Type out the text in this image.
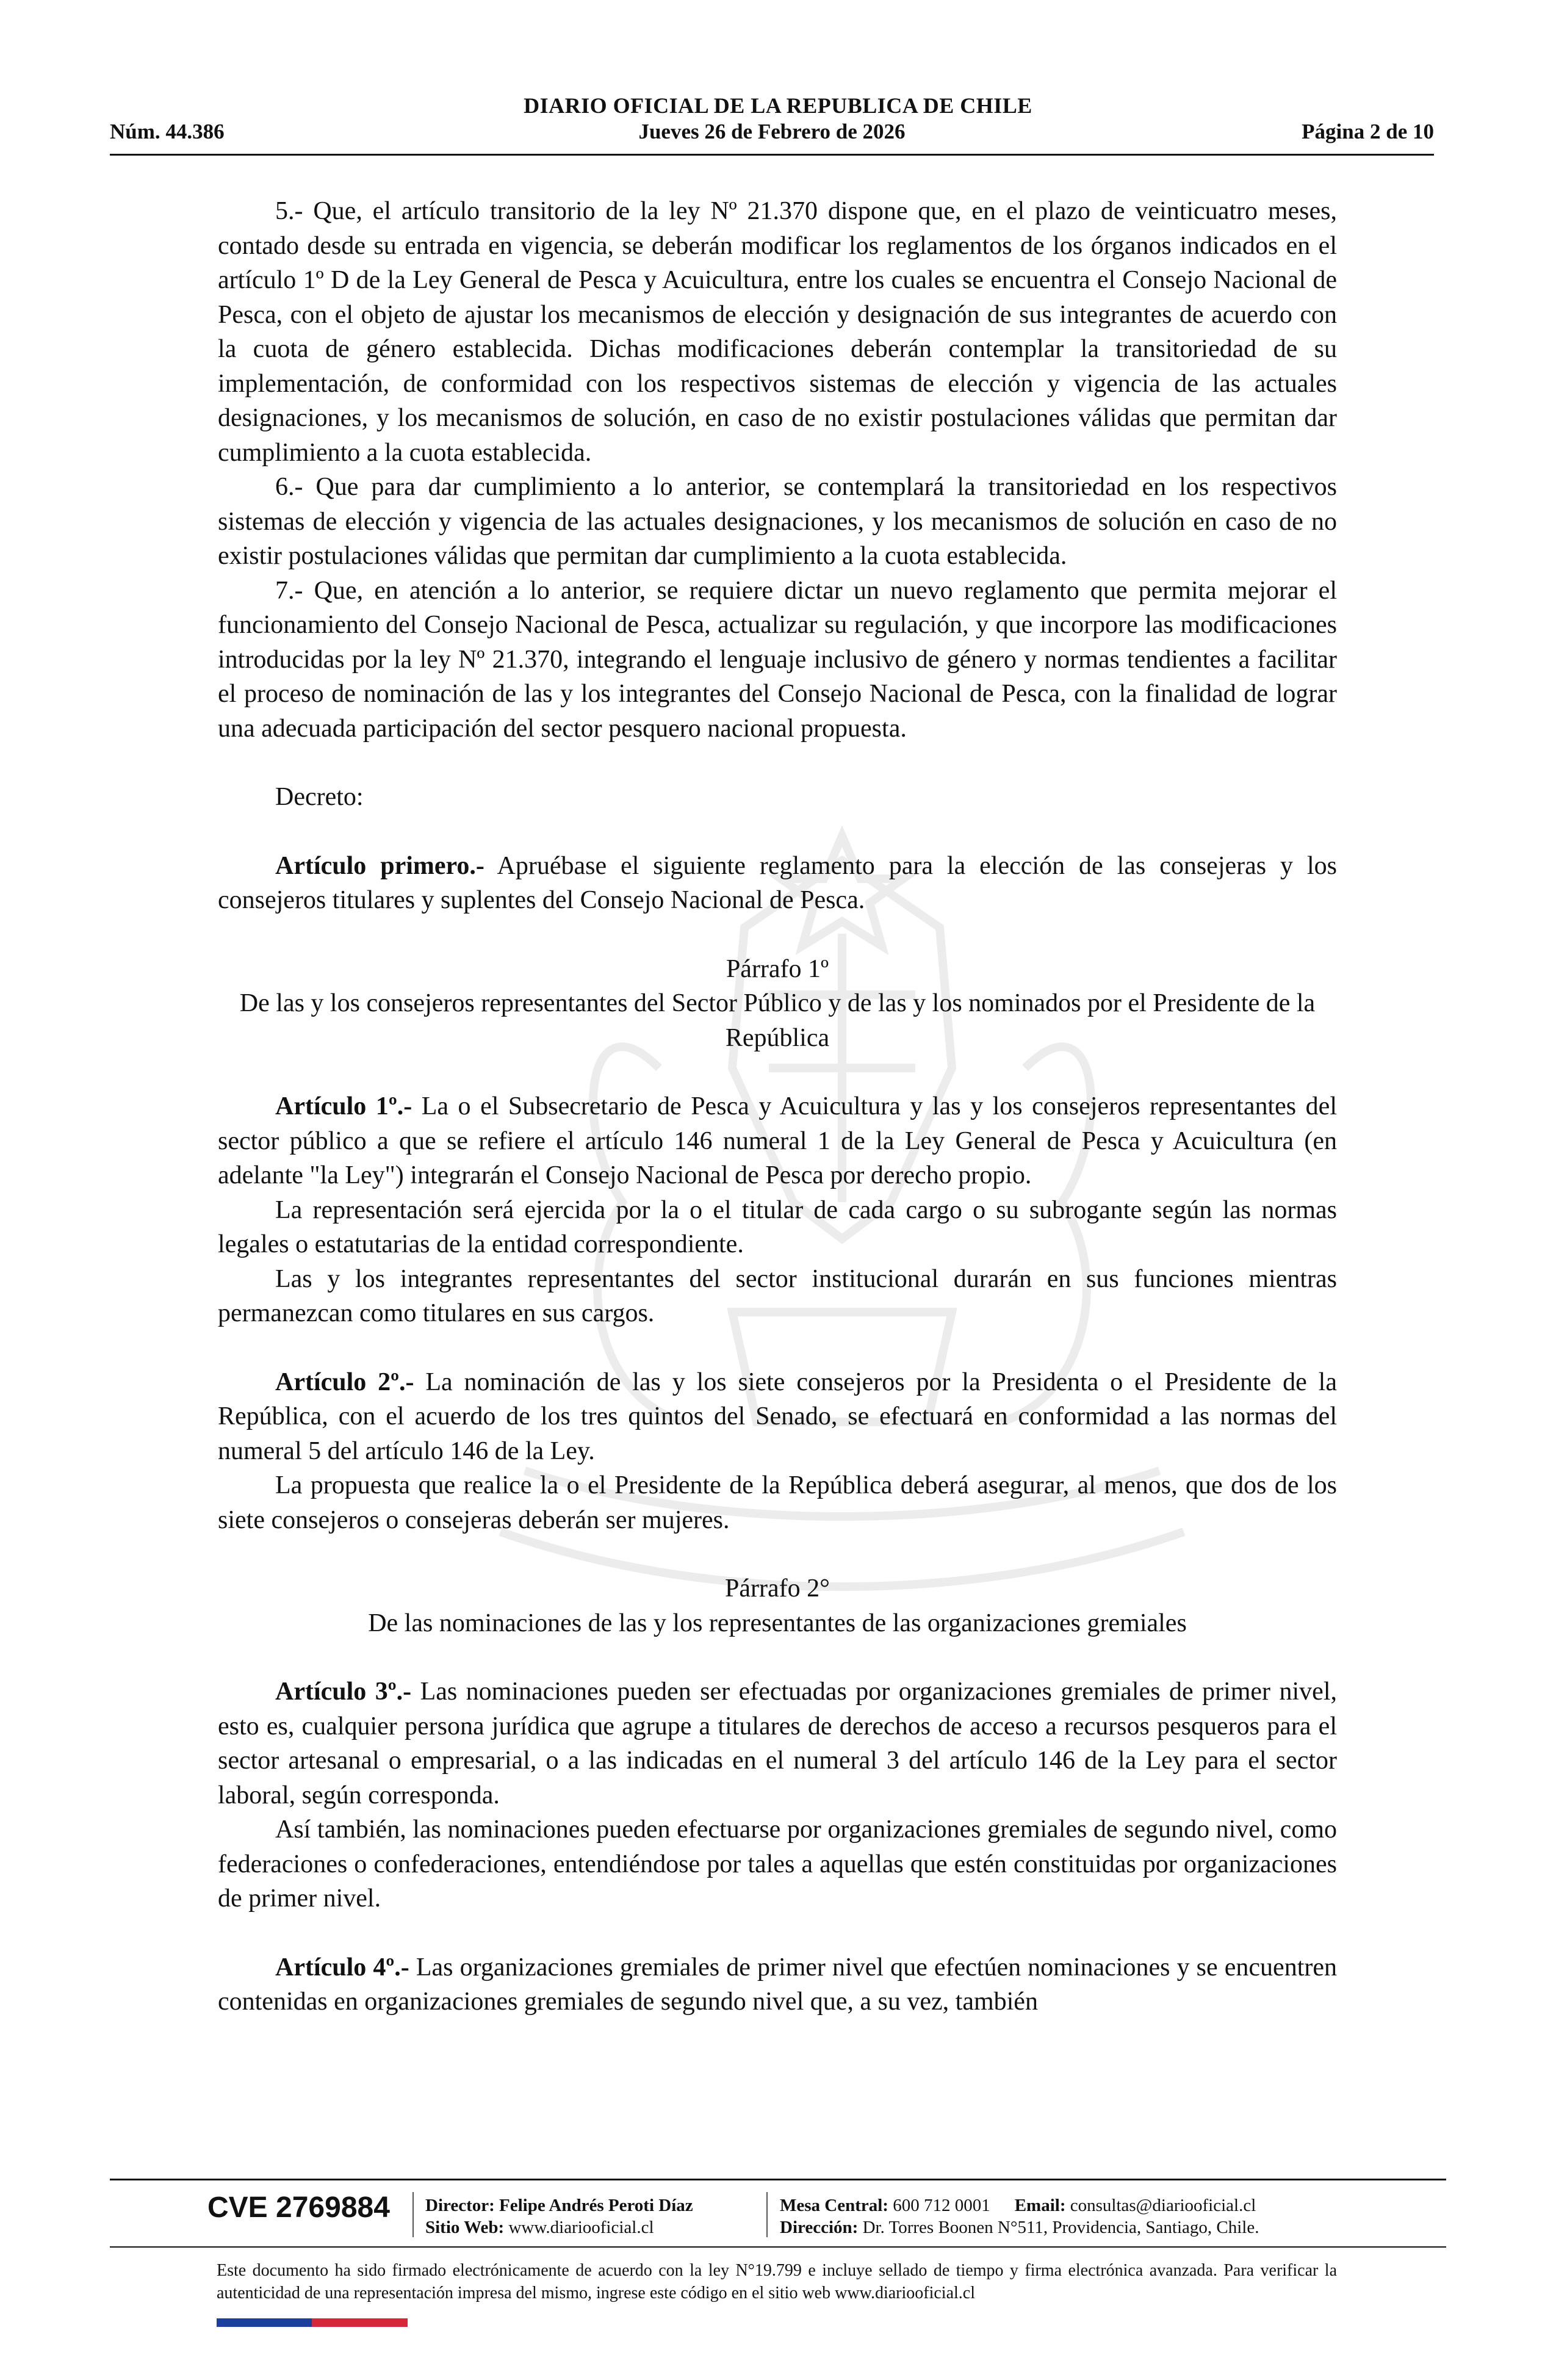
DIARIO OFICIAL DE LA REPUBLICA DE CHILE
Núm. 44.386	Jueves 26 de Febrero de 2026	Página 2 de 10

5.- Que, el artículo transitorio de la ley Nº 21.370 dispone que, en el plazo de veinticuatro meses, contado desde su entrada en vigencia, se deberán modificar los reglamentos de los órganos indicados en el artículo 1º D de la Ley General de Pesca y Acuicultura, entre los cuales se encuentra el Consejo Nacional de Pesca, con el objeto de ajustar los mecanismos de elección y designación de sus integrantes de acuerdo con la cuota de género establecida. Dichas modificaciones deberán contemplar la transitoriedad de su implementación, de conformidad con los respectivos sistemas de elección y vigencia de las actuales designaciones, y los mecanismos de solución, en caso de no existir postulaciones válidas que permitan dar cumplimiento a la cuota establecida.

6.- Que para dar cumplimiento a lo anterior, se contemplará la transitoriedad en los respectivos sistemas de elección y vigencia de las actuales designaciones, y los mecanismos de solución en caso de no existir postulaciones válidas que permitan dar cumplimiento a la cuota establecida.

7.- Que, en atención a lo anterior, se requiere dictar un nuevo reglamento que permita mejorar el funcionamiento del Consejo Nacional de Pesca, actualizar su regulación, y que incorpore las modificaciones introducidas por la ley Nº 21.370, integrando el lenguaje inclusivo de género y normas tendientes a facilitar el proceso de nominación de las y los integrantes del Consejo Nacional de Pesca, con la finalidad de lograr una adecuada participación del sector pesquero nacional propuesta.

Decreto:

Artículo primero.- Apruébase el siguiente reglamento para la elección de las consejeras y los consejeros titulares y suplentes del Consejo Nacional de Pesca.

Párrafo 1º

De las y los consejeros representantes del Sector Público y de las y los nominados por el Presidente de la República

Artículo 1º.- La o el Subsecretario de Pesca y Acuicultura y las y los consejeros representantes del sector público a que se refiere el artículo 146 numeral 1 de la Ley General de Pesca y Acuicultura (en adelante "la Ley") integrarán el Consejo Nacional de Pesca por derecho propio.

La representación será ejercida por la o el titular de cada cargo o su subrogante según las normas legales o estatutarias de la entidad correspondiente.

Las y los integrantes representantes del sector institucional durarán en sus funciones mientras permanezcan como titulares en sus cargos.

Artículo 2º.- La nominación de las y los siete consejeros por la Presidenta o el Presidente de la República, con el acuerdo de los tres quintos del Senado, se efectuará en conformidad a las normas del numeral 5 del artículo 146 de la Ley.

La propuesta que realice la o el Presidente de la República deberá asegurar, al menos, que dos de los siete consejeros o consejeras deberán ser mujeres.

Párrafo 2°

De las nominaciones de las y los representantes de las organizaciones gremiales

Artículo 3º.- Las nominaciones pueden ser efectuadas por organizaciones gremiales de primer nivel, esto es, cualquier persona jurídica que agrupe a titulares de derechos de acceso a recursos pesqueros para el sector artesanal o empresarial, o a las indicadas en el numeral 3 del artículo 146 de la Ley para el sector laboral, según corresponda.

Así también, las nominaciones pueden efectuarse por organizaciones gremiales de segundo nivel, como federaciones o confederaciones, entendiéndose por tales a aquellas que estén constituidas por organizaciones de primer nivel.

Artículo 4º.- Las organizaciones gremiales de primer nivel que efectúen nominaciones y se encuentren contenidas en organizaciones gremiales de segundo nivel que, a su vez, también

CVE 2769884 Director: Felipe Andrés Peroti Díaz
Sitio Web: www.diariooficial.cl
Mesa Central: 600 712 0001 Email: consultas@diariooficial.cl
Dirección: Dr. Torres Boonen N°511, Providencia, Santiago, Chile.
Este documento ha sido firmado electrónicamente de acuerdo con la ley N°19.799 e incluye sellado de tiempo y firma electrónica avanzada. Para verificar la autenticidad de una representación impresa del mismo, ingrese este código en el sitio web www.diariooficial.cl
